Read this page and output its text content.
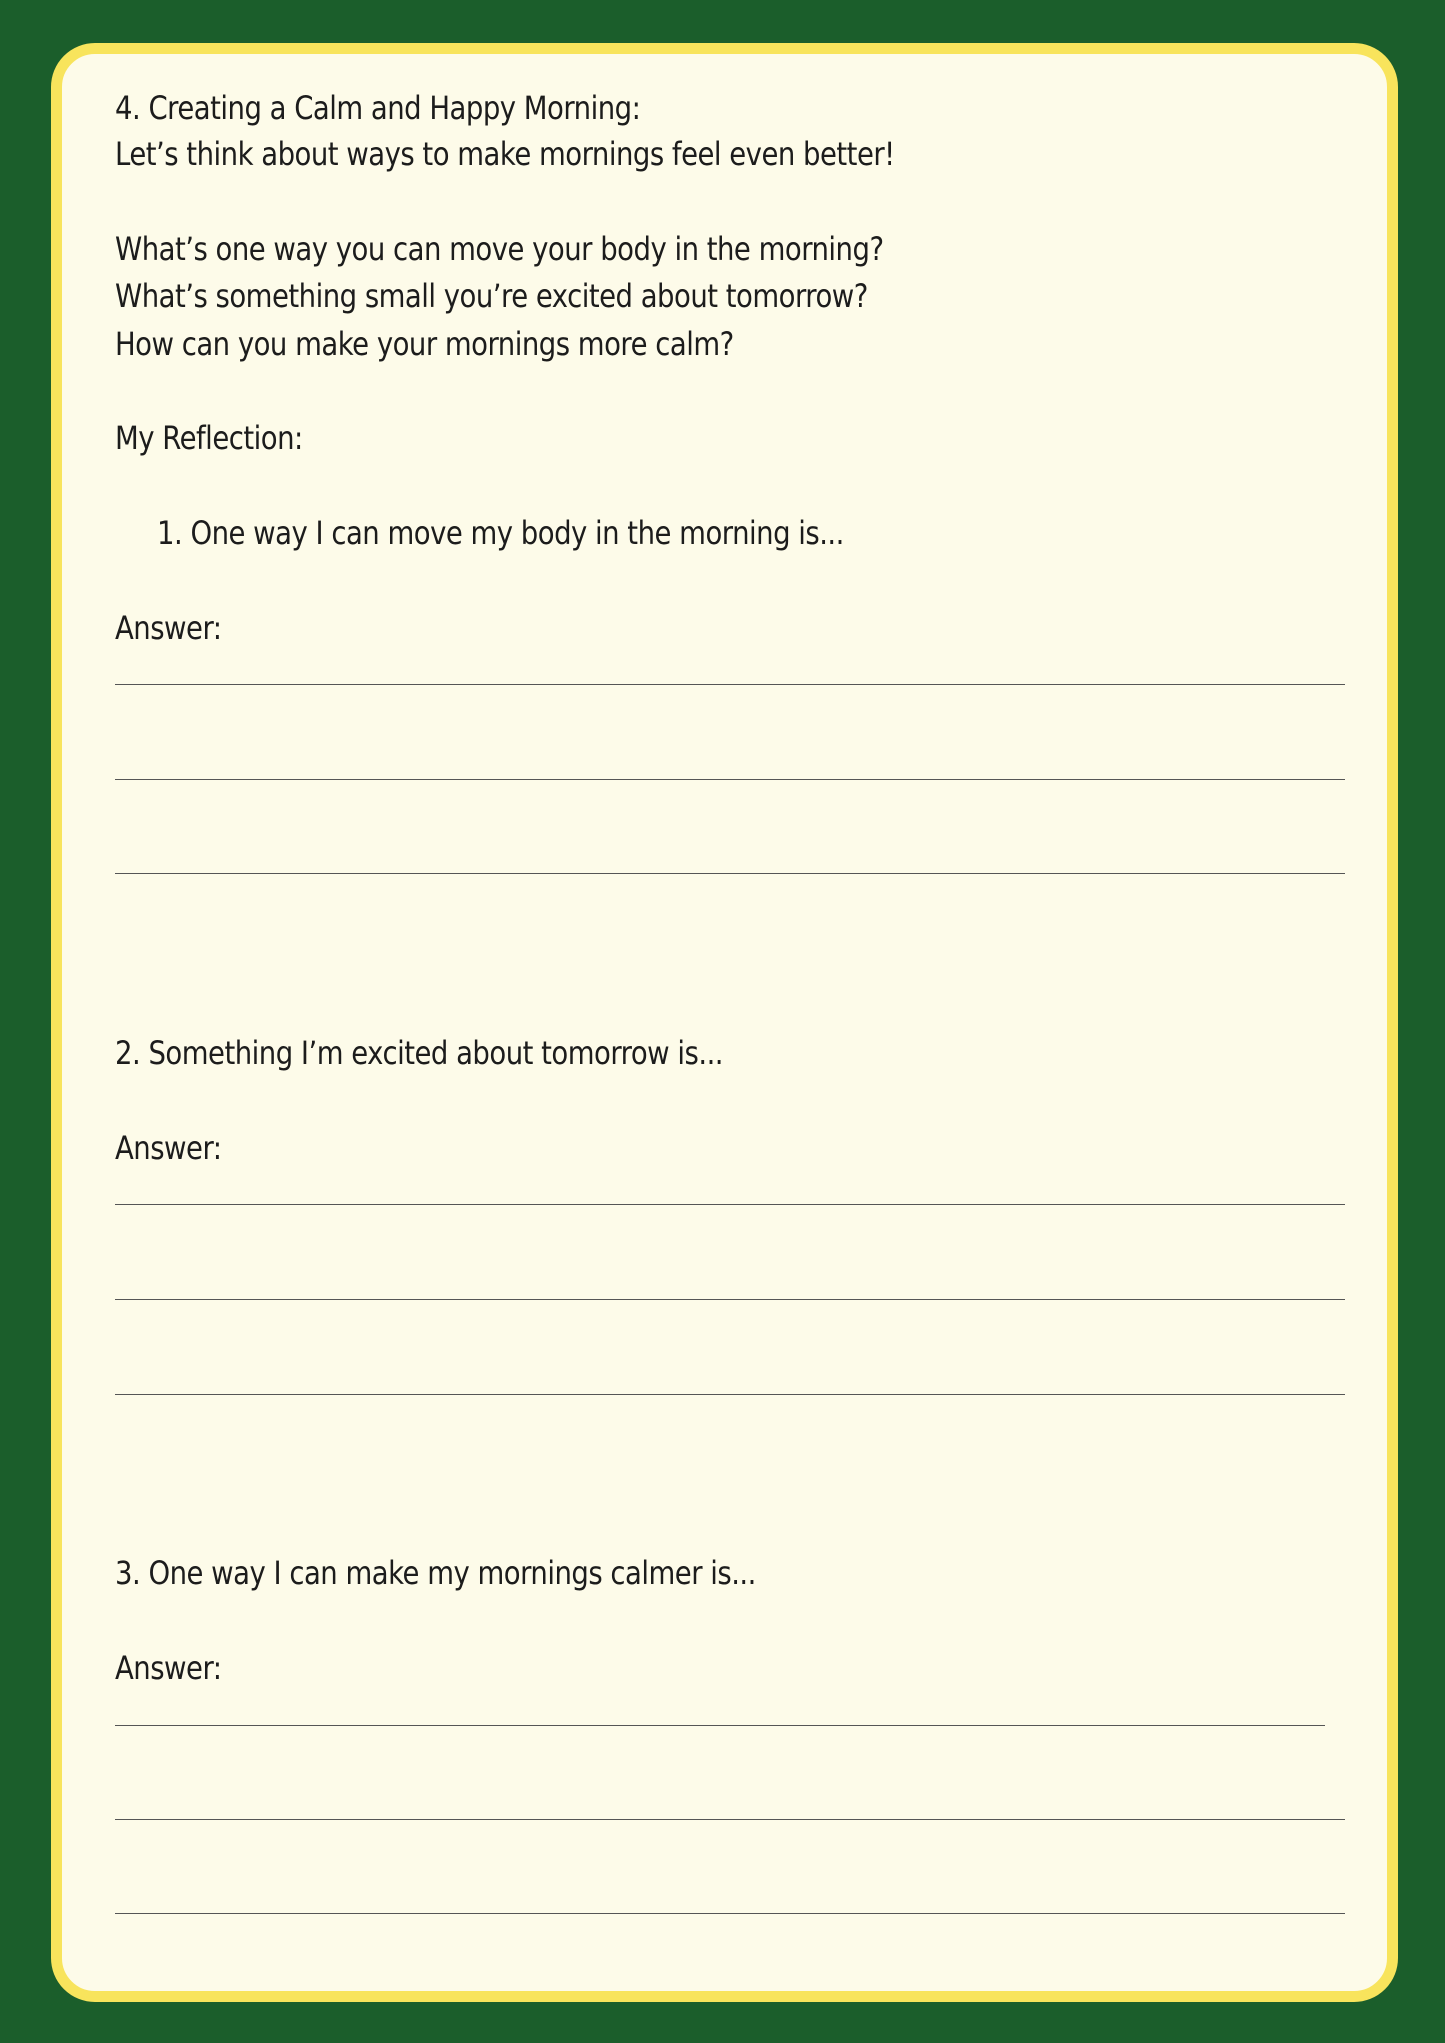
4. Creating a Calm and Happy Morning:

Let’s think about ways to make mornings feel even better!

What’s one way you can move your body in the morning?

What’s something small you’re excited about tomorrow?

How can you make your mornings more calm?

My Reflection:

1. One way I can move my body in the morning is...

Answer:

2. Something I’m excited about tomorrow is...

Answer:

3. One way I can make my mornings calmer is...

Answer:
